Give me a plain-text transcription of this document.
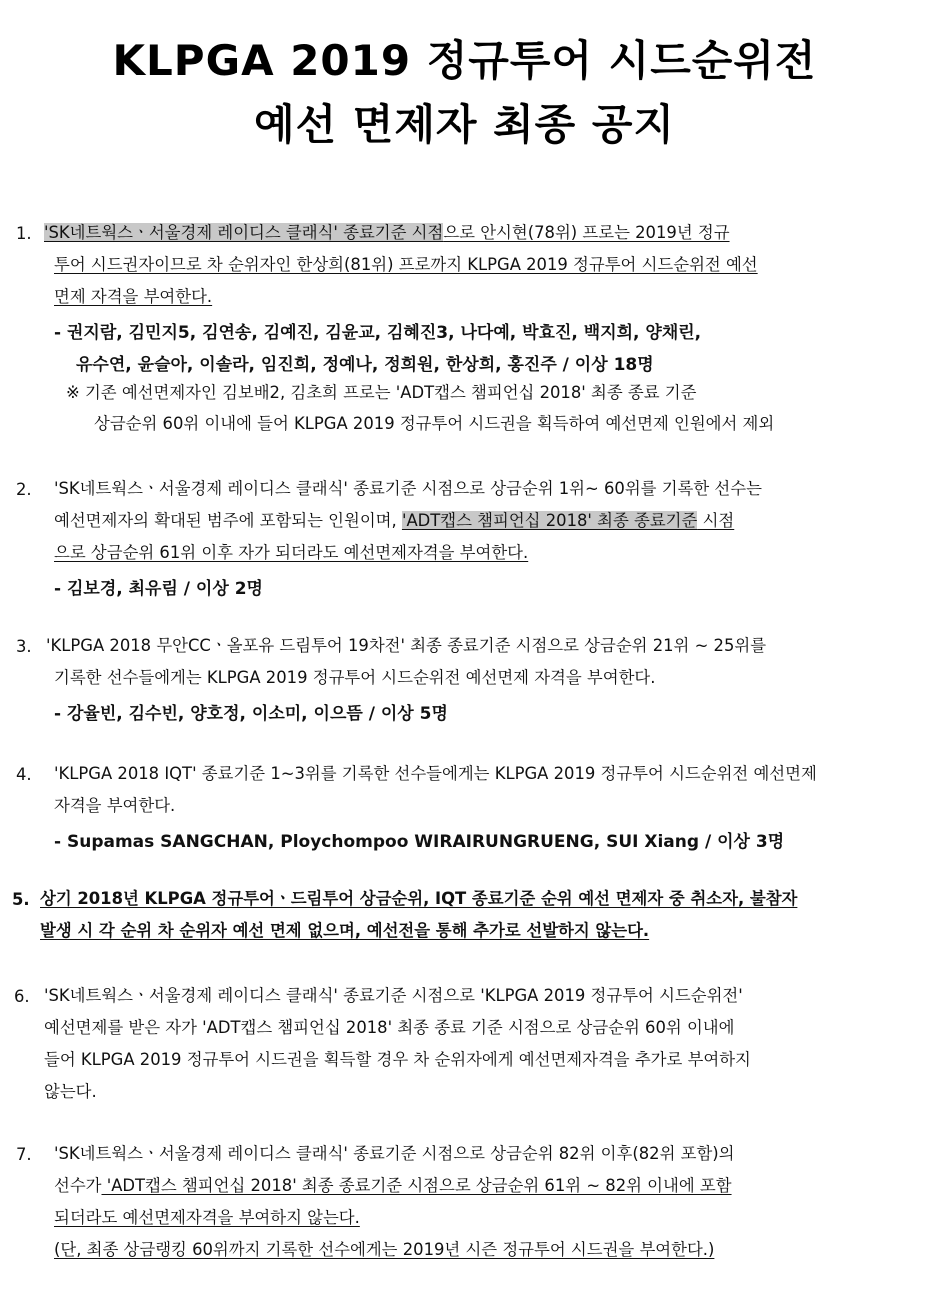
KLPGA 2019 정규투어 시드순위전
예선 면제자 최종 공지
1. 'SK네트웍스ㆍ서울경제 레이디스 클래식' 종료기준 시점으로 안시현(78위) 프로는 2019년 정규
투어 시드권자이므로 차 순위자인 한상희(81위) 프로까지 KLPGA 2019 정규투어 시드순위전 예선
면제 자격을 부여한다.
- 권지람, 김민지5, 김연송, 김예진, 김윤교, 김혜진3, 나다예, 박효진, 백지희, 양채린,
유수연, 윤슬아, 이솔라, 임진희, 정예나, 정희원, 한상희, 홍진주 / 이상 18명
※ 기존 예선면제자인 김보배2, 김초희 프로는 'ADT캡스 챔피언십 2018' 최종 종료 기준
상금순위 60위 이내에 들어 KLPGA 2019 정규투어 시드권을 획득하여 예선면제 인원에서 제외
2. 'SK네트웍스ㆍ서울경제 레이디스 클래식' 종료기준 시점으로 상금순위 1위~ 60위를 기록한 선수는
예선면제자의 확대된 범주에 포함되는 인원이며, 'ADT캡스 챔피언십 2018' 최종 종료기준 시점
으로 상금순위 61위 이후 자가 되더라도 예선면제자격을 부여한다.
- 김보경, 최유림 / 이상 2명
3. 'KLPGA 2018 무안CCㆍ올포유 드림투어 19차전' 최종 종료기준 시점으로 상금순위 21위 ~ 25위를
기록한 선수들에게는 KLPGA 2019 정규투어 시드순위전 예선면제 자격을 부여한다.
- 강율빈, 김수빈, 양호정, 이소미, 이으뜸 / 이상 5명
4. 'KLPGA 2018 IQT' 종료기준 1~3위를 기록한 선수들에게는 KLPGA 2019 정규투어 시드순위전 예선면제
자격을 부여한다.
- Supamas SANGCHAN, Ploychompoo WIRAIRUNGRUENG, SUI Xiang / 이상 3명
5. 상기 2018년 KLPGA 정규투어ㆍ드림투어 상금순위, IQT 종료기준 순위 예선 면제자 중 취소자, 불참자
발생 시 각 순위 차 순위자 예선 면제 없으며, 예선전을 통해 추가로 선발하지 않는다.
6. 'SK네트웍스ㆍ서울경제 레이디스 클래식' 종료기준 시점으로 'KLPGA 2019 정규투어 시드순위전'
예선면제를 받은 자가 'ADT캡스 챔피언십 2018' 최종 종료 기준 시점으로 상금순위 60위 이내에
들어 KLPGA 2019 정규투어 시드권을 획득할 경우 차 순위자에게 예선면제자격을 추가로 부여하지
않는다.
7. 'SK네트웍스ㆍ서울경제 레이디스 클래식' 종료기준 시점으로 상금순위 82위 이후(82위 포함)의
선수가 'ADT캡스 챔피언십 2018' 최종 종료기준 시점으로 상금순위 61위 ~ 82위 이내에 포함
되더라도 예선면제자격을 부여하지 않는다.
(단, 최종 상금랭킹 60위까지 기록한 선수에게는 2019년 시즌 정규투어 시드권을 부여한다.)
